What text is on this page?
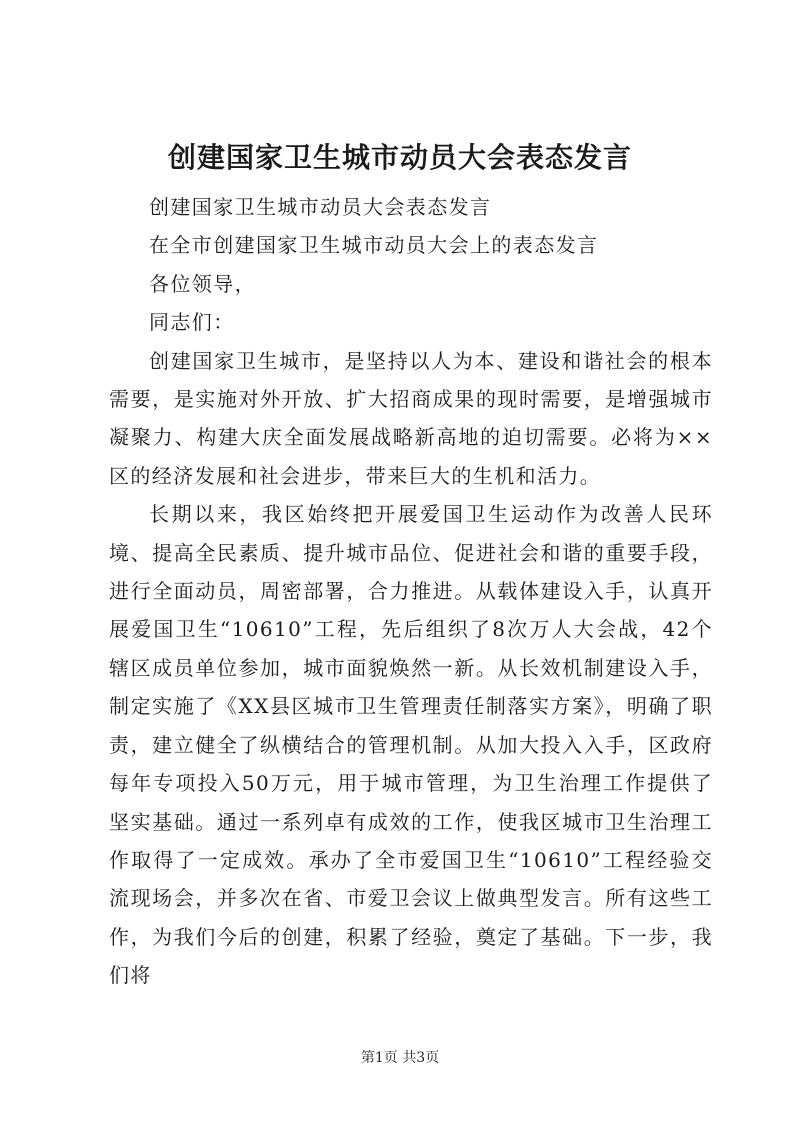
创建国家卫生城市动员大会表态发言

创建国家卫生城市动员大会表态发言

在全市创建国家卫生城市动员大会上的表态发言

各位领导，

同志们：

创建国家卫生城市，是坚持以人为本、建设和谐社会的根本需要，是实施对外开放、扩大招商成果的现时需要，是增强城市凝聚力、构建大庆全面发展战略新高地的迫切需要。必将为××区的经济发展和社会进步，带来巨大的生机和活力。

长期以来，我区始终把开展爱国卫生运动作为改善人民环境、提高全民素质、提升城市品位、促进社会和谐的重要手段，进行全面动员，周密部署，合力推进。从载体建设入手，认真开展爱国卫生“10610”工程，先后组织了8次万人大会战，42个辖区成员单位参加，城市面貌焕然一新。从长效机制建设入手，制定实施了《XX县区城市卫生管理责任制落实方案》，明确了职责，建立健全了纵横结合的管理机制。从加大投入入手，区政府每年专项投入50万元，用于城市管理，为卫生治理工作提供了坚实基础。通过一系列卓有成效的工作，使我区城市卫生治理工作取得了一定成效。承办了全市爱国卫生“10610”工程经验交流现场会，并多次在省、市爱卫会议上做典型发言。所有这些工作，为我们今后的创建，积累了经验，奠定了基础。下一步，我们将

第1页 共3页
